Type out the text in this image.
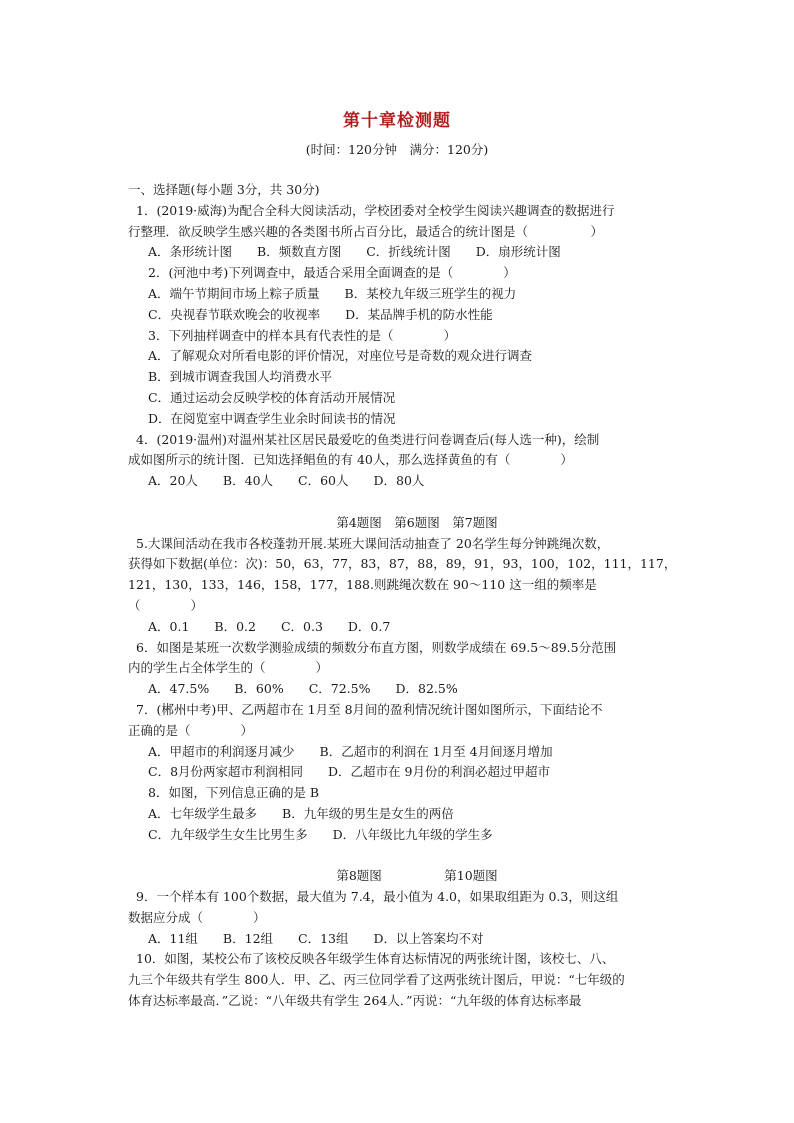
第十章检测题
(时间：120分钟　满分：120分)
一、选择题(每小题 3分，共 30分)
1．(2019·威海)为配合全科大阅读活动，学校团委对全校学生阅读兴趣调查的数据进行
行整理．欲反映学生感兴趣的各类图书所占百分比，最适合的统计图是（　　　　　）
A．条形统计图　　B．频数直方图　　C．折线统计图　　D．扇形统计图
2．(河池中考)下列调查中，最适合采用全面调查的是（　　　　）
A．端午节期间市场上粽子质量　　B．某校九年级三班学生的视力
C．央视春节联欢晚会的收视率　　D．某品牌手机的防水性能
3．下列抽样调查中的样本具有代表性的是（　　　　）
A．了解观众对所看电影的评价情况，对座位号是奇数的观众进行调查
B．到城市调查我国人均消费水平
C．通过运动会反映学校的体育活动开展情况
D．在阅览室中调查学生业余时间读书的情况
4．(2019·温州)对温州某社区居民最爱吃的鱼类进行问卷调查后(每人选一种)，绘制
成如图所示的统计图．已知选择鲳鱼的有 40人，那么选择黄鱼的有（　　　　）
A．20人　　B．40人　　C．60人　　D．80人
第4题图　第6题图　第7题图
5.大课间活动在我市各校蓬勃开展.某班大课间活动抽查了 20名学生每分钟跳绳次数，
获得如下数据(单位：次)：50，63，77，83，87，88，89，91，93，100，102，111，117，
121，130，133，146，158，177，188.则跳绳次数在 90～110 这一组的频率是
（　　　　）
A．0.1　　B．0.2　　C．0.3　　D．0.7
6．如图是某班一次数学测验成绩的频数分布直方图，则数学成绩在 69.5～89.5分范围
内的学生占全体学生的（　　　　）
A．47.5%　　B．60%　　C．72.5%　　D．82.5%
7．(郴州中考)甲、乙两超市在 1月至 8月间的盈利情况统计图如图所示，下面结论不
正确的是（　　　　）
A．甲超市的利润逐月减少　　B．乙超市的利润在 1月至 4月间逐月增加
C．8月份两家超市利润相同　　D．乙超市在 9月份的利润必超过甲超市
8．如图，下列信息正确的是 B
A．七年级学生最多　　B．九年级的男生是女生的两倍
C．九年级学生女生比男生多　　D．八年级比九年级的学生多
第8题图　　　　　第10题图
9．一个样本有 100个数据，最大值为 7.4，最小值为 4.0，如果取组距为 0.3，则这组
数据应分成（　　　　）
A．11组　　B．12组　　C．13组　　D．以上答案均不对
10．如图，某校公布了该校反映各年级学生体育达标情况的两张统计图，该校七、八、
九三个年级共有学生 800人．甲、乙、丙三位同学看了这两张统计图后，甲说：“七年级的
体育达标率最高．”乙说：“八年级共有学生 264人．”丙说：“九年级的体育达标率最
